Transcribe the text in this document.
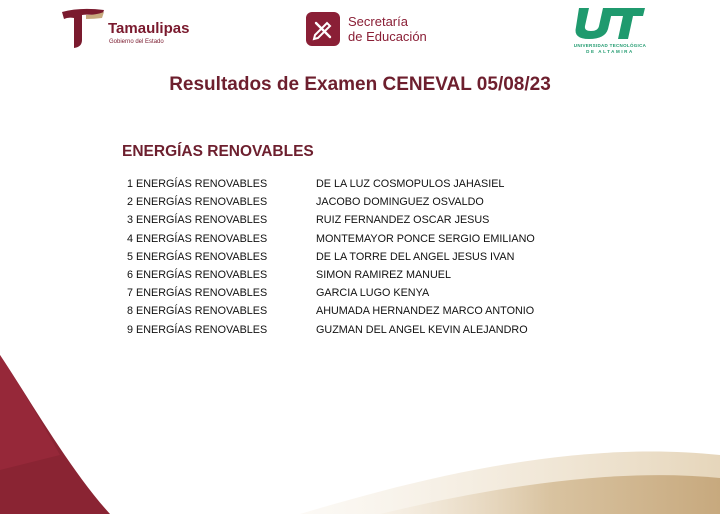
Tamaulipas
Gobierno del Estado
Secretaría
de Educación
UNIVERSIDAD TECNOLÓGICA
DE ALTAMIRA
Resultados de Examen CENEVAL 05/08/23
ENERGÍAS RENOVABLES
1 ENERGÍAS RENOVABLES	DE LA LUZ COSMOPULOS JAHASIEL
2 ENERGÍAS RENOVABLES	JACOBO DOMINGUEZ OSVALDO
3 ENERGÍAS RENOVABLES	RUIZ FERNANDEZ OSCAR JESUS
4 ENERGÍAS RENOVABLES	MONTEMAYOR PONCE SERGIO EMILIANO
5 ENERGÍAS RENOVABLES	DE LA TORRE DEL ANGEL JESUS IVAN
6 ENERGÍAS RENOVABLES	SIMON RAMIREZ MANUEL
7 ENERGÍAS RENOVABLES	GARCIA LUGO KENYA
8 ENERGÍAS RENOVABLES	AHUMADA HERNANDEZ MARCO ANTONIO
9 ENERGÍAS RENOVABLES	GUZMAN DEL ANGEL KEVIN ALEJANDRO
